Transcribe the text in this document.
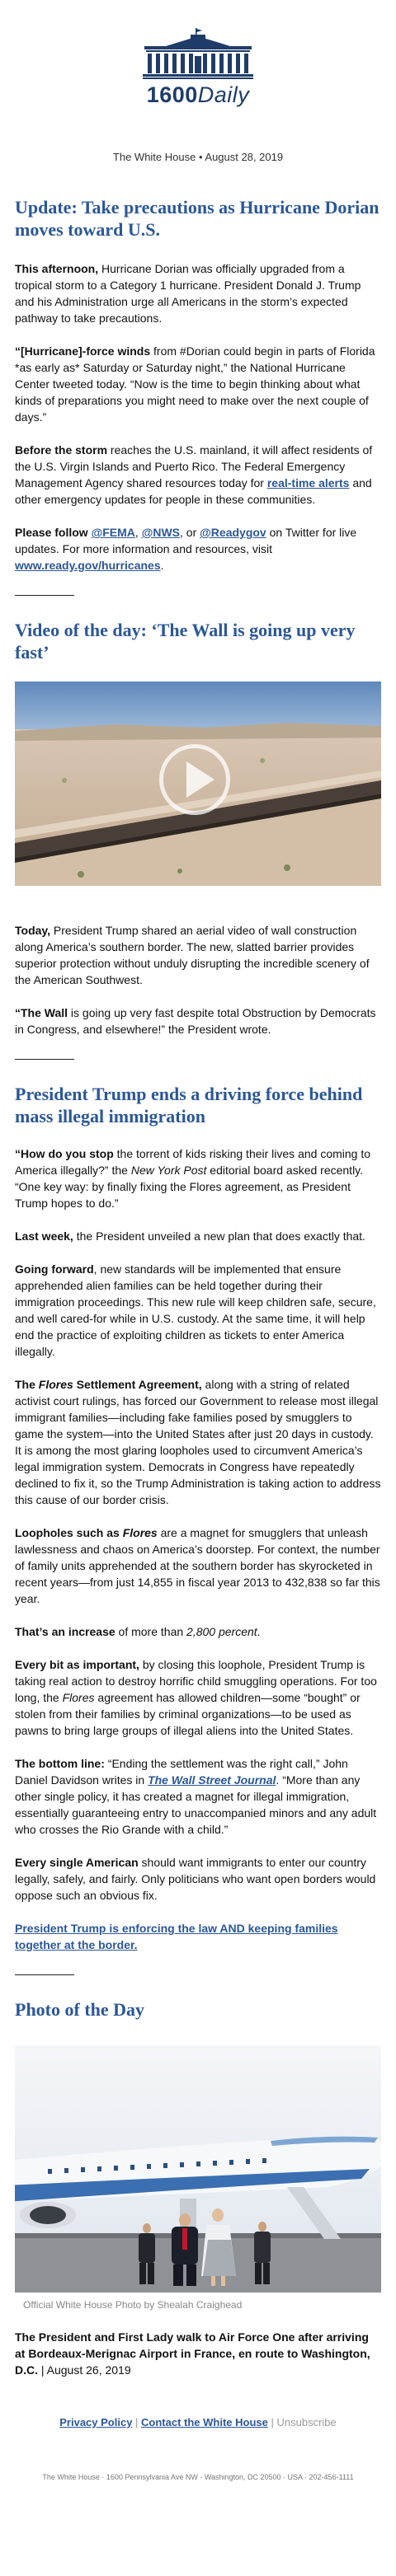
1600Daily
The White House • August 28, 2019
Update: Take precautions as Hurricane Dorian moves toward U.S.

This afternoon, Hurricane Dorian was officially upgraded from a tropical storm to a Category 1 hurricane. President Donald J. Trump and his Administration urge all Americans in the storm’s expected pathway to take precautions.

“[Hurricane]-force winds from #Dorian could begin in parts of Florida *as early as* Saturday or Saturday night,” the National Hurricane Center tweeted today. “Now is the time to begin thinking about what kinds of preparations you might need to make over the next couple of days.”

Before the storm reaches the U.S. mainland, it will affect residents of the U.S. Virgin Islands and Puerto Rico. The Federal Emergency Management Agency shared resources today for real-time alerts and other emergency updates for people in these communities.

Please follow @FEMA, @NWS, or @Readygov on Twitter for live updates. For more information and resources, visit www.ready.gov/hurricanes.

Video of the day: ‘The Wall is going up very fast’

Today, President Trump shared an aerial video of wall construction along America’s southern border. The new, slatted barrier provides superior protection without unduly disrupting the incredible scenery of the American Southwest.

“The Wall is going up very fast despite total Obstruction by Democrats in Congress, and elsewhere!” the President wrote.

President Trump ends a driving force behind mass illegal immigration

“How do you stop the torrent of kids risking their lives and coming to America illegally?” the New York Post editorial board asked recently. “One key way: by finally fixing the Flores agreement, as President Trump hopes to do.”

Last week, the President unveiled a new plan that does exactly that.

Going forward, new standards will be implemented that ensure apprehended alien families can be held together during their immigration proceedings. This new rule will keep children safe, secure, and well cared-for while in U.S. custody. At the same time, it will help end the practice of exploiting children as tickets to enter America illegally.

The Flores Settlement Agreement, along with a string of related activist court rulings, has forced our Government to release most illegal immigrant families—including fake families posed by smugglers to game the system—into the United States after just 20 days in custody. It is among the most glaring loopholes used to circumvent America’s legal immigration system. Democrats in Congress have repeatedly declined to fix it, so the Trump Administration is taking action to address this cause of our border crisis.

Loopholes such as Flores are a magnet for smugglers that unleash lawlessness and chaos on America’s doorstep. For context, the number of family units apprehended at the southern border has skyrocketed in recent years—from just 14,855 in fiscal year 2013 to 432,838 so far this year.

That’s an increase of more than 2,800 percent.

Every bit as important, by closing this loophole, President Trump is taking real action to destroy horrific child smuggling operations. For too long, the Flores agreement has allowed children—some “bought” or stolen from their families by criminal organizations—to be used as pawns to bring large groups of illegal aliens into the United States.

The bottom line: “Ending the settlement was the right call,” John Daniel Davidson writes in The Wall Street Journal. “More than any other single policy, it has created a magnet for illegal immigration, essentially guaranteeing entry to unaccompanied minors and any adult who crosses the Rio Grande with a child.”

Every single American should want immigrants to enter our country legally, safely, and fairly. Only politicians who want open borders would oppose such an obvious fix.

President Trump is enforcing the law AND keeping families together at the border.

Photo of the Day
Official White House Photo by Shealah Craighead

The President and First Lady walk to Air Force One after arriving at Bordeaux-Merignac Airport in France, en route to Washington, D.C. | August 26, 2019

Privacy Policy | Contact the White House | Unsubscribe
The White House · 1600 Pennsylvania Ave NW · Washington, DC 20500 · USA · 202-456-1111
